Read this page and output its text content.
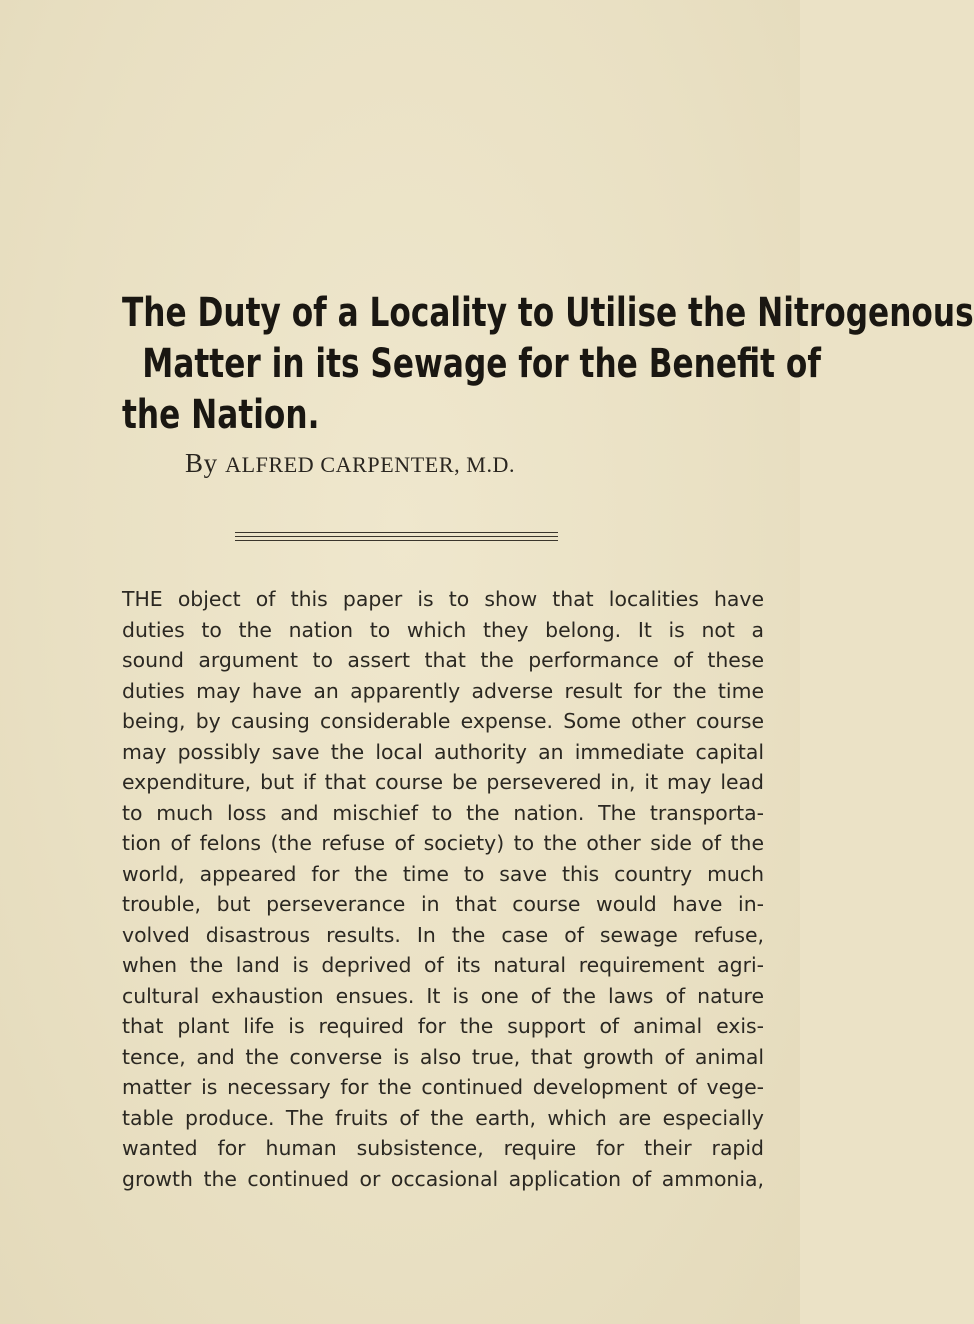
The Duty of a Locality to Utilise the Nitrogenous
Matter in its Sewage for the Benefit of
the Nation.

By ALFRED CARPENTER, M.D.

THE object of this paper is to show that localities have
duties to the nation to which they belong. It is not a
sound argument to assert that the performance of these
duties may have an apparently adverse result for the time
being, by causing considerable expense. Some other course
may possibly save the local authority an immediate capital
expenditure, but if that course be persevered in, it may lead
to much loss and mischief to the nation. The transporta-
tion of felons (the refuse of society) to the other side of the
world, appeared for the time to save this country much
trouble, but perseverance in that course would have in-
volved disastrous results. In the case of sewage refuse,
when the land is deprived of its natural requirement agri-
cultural exhaustion ensues. It is one of the laws of nature
that plant life is required for the support of animal exis-
tence, and the converse is also true, that growth of animal
matter is necessary for the continued development of vege-
table produce. The fruits of the earth, which are especially
wanted for human subsistence, require for their rapid
growth the continued or occasional application of ammonia,
